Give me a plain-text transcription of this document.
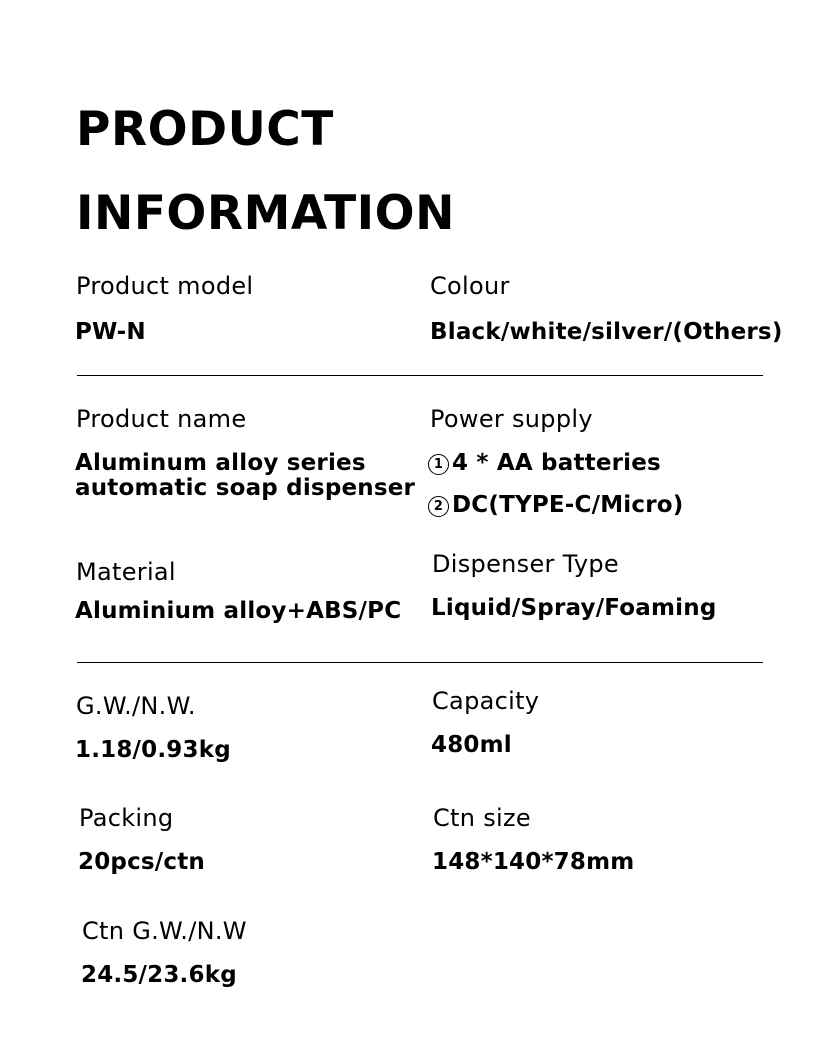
PRODUCT
INFORMATION
Product model
PW-N
Colour
Black/white/silver/(Others)
Product name
Aluminum alloy series
automatic soap dispenser
Power supply
1 4 * AA batteries
2 DC(TYPE-C/Micro)
Material
Aluminium alloy+ABS/PC
Dispenser Type
Liquid/Spray/Foaming
G.W./N.W.
1.18/0.93kg
Capacity
480ml
Packing
20pcs/ctn
Ctn size
148*140*78mm
Ctn G.W./N.W
24.5/23.6kg
